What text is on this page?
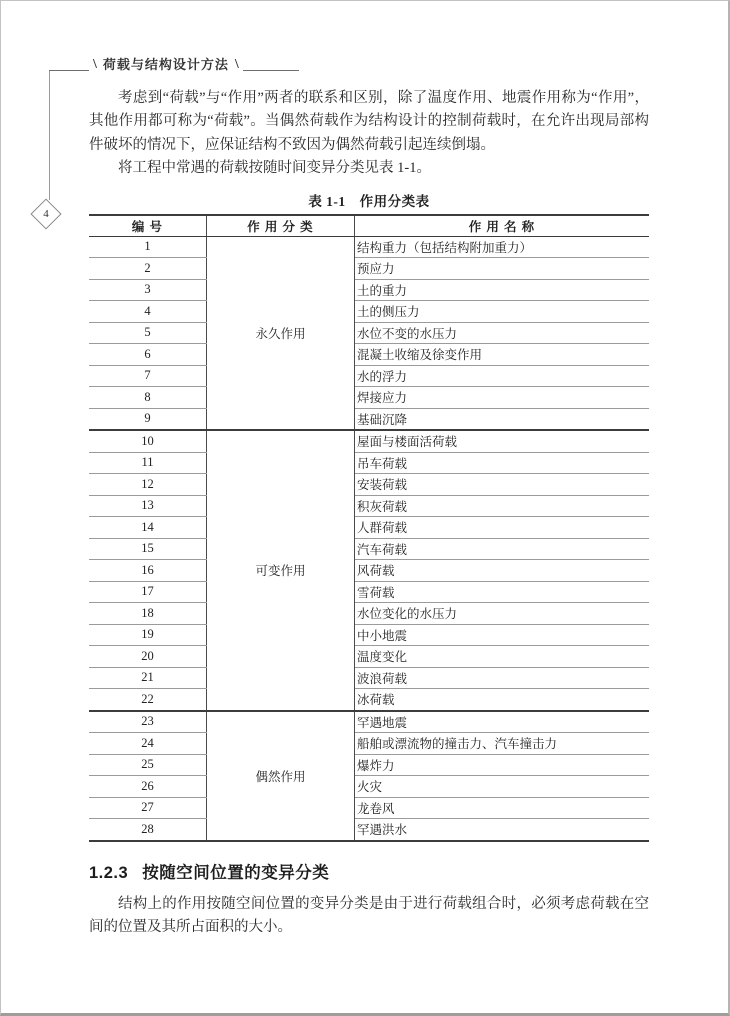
\ 荷载与结构设计方法 \
4

考虑到“荷载”与“作用”两者的联系和区别，除了温度作用、地震作用称为“作用”，其他作用都可称为“荷载”。当偶然荷载作为结构设计的控制荷载时，在允许出现局部构件破坏的情况下，应保证结构不致因为偶然荷载引起连续倒塌。

将工程中常遇的荷载按随时间变异分类见表 1-1。

表 1-1　作用分类表
编 号	作 用 分 类	作 用 名 称
1	永久作用	结构重力（包括结构附加重力）
2		预应力
3		土的重力
4		土的侧压力
5		水位不变的水压力
6		混凝土收缩及徐变作用
7		水的浮力
8		焊接应力
9		基础沉降
10	可变作用	屋面与楼面活荷载
11		吊车荷载
12		安装荷载
13		积灰荷载
14		人群荷载
15		汽车荷载
16		风荷载
17		雪荷载
18		水位变化的水压力
19		中小地震
20		温度变化
21		波浪荷载
22		冰荷载
23	偶然作用	罕遇地震
24		船舶或漂流物的撞击力、汽车撞击力
25		爆炸力
26		火灾
27		龙卷风
28		罕遇洪水
1.2.3 按随空间位置的变异分类

结构上的作用按随空间位置的变异分类是由于进行荷载组合时，必须考虑荷载在空间的位置及其所占面积的大小。
